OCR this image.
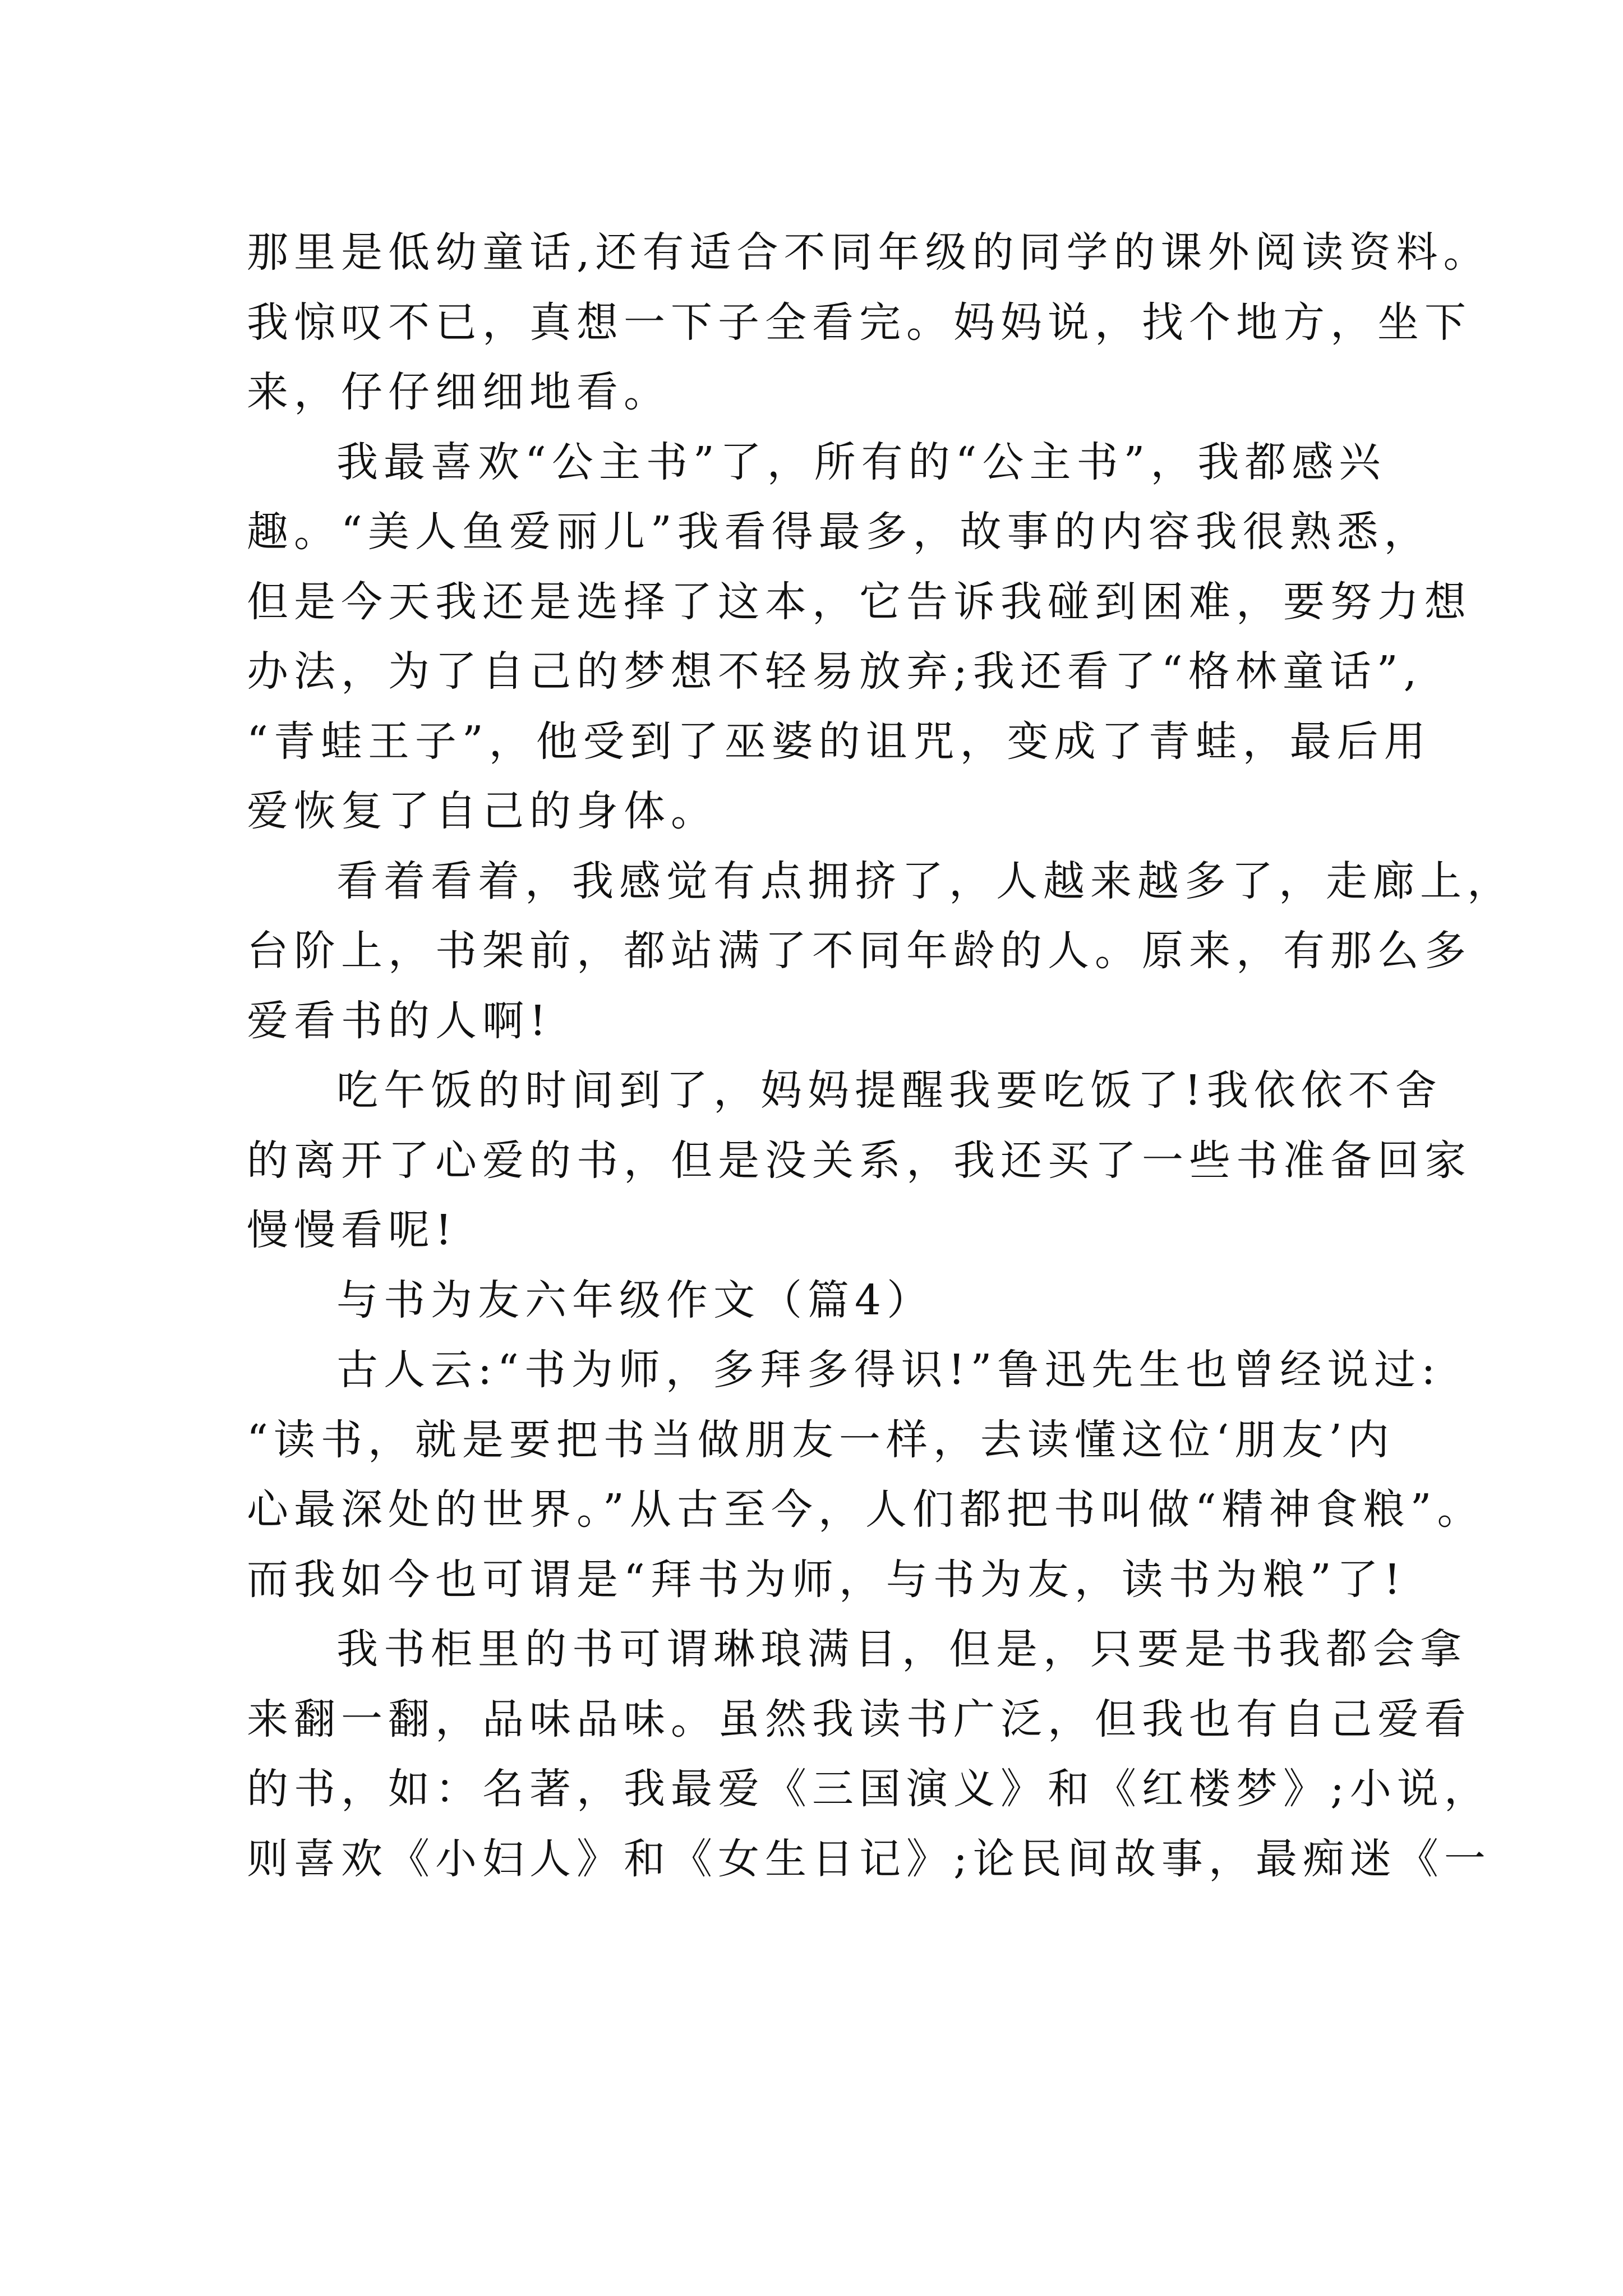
那里是低幼童话,还有适合不同年级的同学的课外阅读资料。
我惊叹不已，真想一下子全看完。妈妈说，找个地方，坐下
来，仔仔细细地看。
我最喜欢“公主书”了，所有的“公主书”，我都感兴
趣。“美人鱼爱丽儿”我看得最多，故事的内容我很熟悉，
但是今天我还是选择了这本，它告诉我碰到困难，要努力想
办法，为了自己的梦想不轻易放弃;我还看了“格林童话”,
“青蛙王子”，他受到了巫婆的诅咒，变成了青蛙，最后用
爱恢复了自己的身体。
看着看着，我感觉有点拥挤了，人越来越多了，走廊上，
台阶上，书架前，都站满了不同年龄的人。原来，有那么多
爱看书的人啊!
吃午饭的时间到了，妈妈提醒我要吃饭了!我依依不舍
的离开了心爱的书，但是没关系，我还买了一些书准备回家
慢慢看呢!
与书为友六年级作文（篇4）
古人云:“书为师，多拜多得识!”鲁迅先生也曾经说过:
“读书，就是要把书当做朋友一样，去读懂这位‘朋友’内
心最深处的世界。”从古至今，人们都把书叫做“精神食粮”。
而我如今也可谓是“拜书为师，与书为友，读书为粮”了!
我书柜里的书可谓琳琅满目，但是，只要是书我都会拿
来翻一翻，品味品味。虽然我读书广泛，但我也有自己爱看
的书，如：名著，我最爱《三国演义》和《红楼梦》;小说，
则喜欢《小妇人》和《女生日记》;论民间故事，最痴迷《一
